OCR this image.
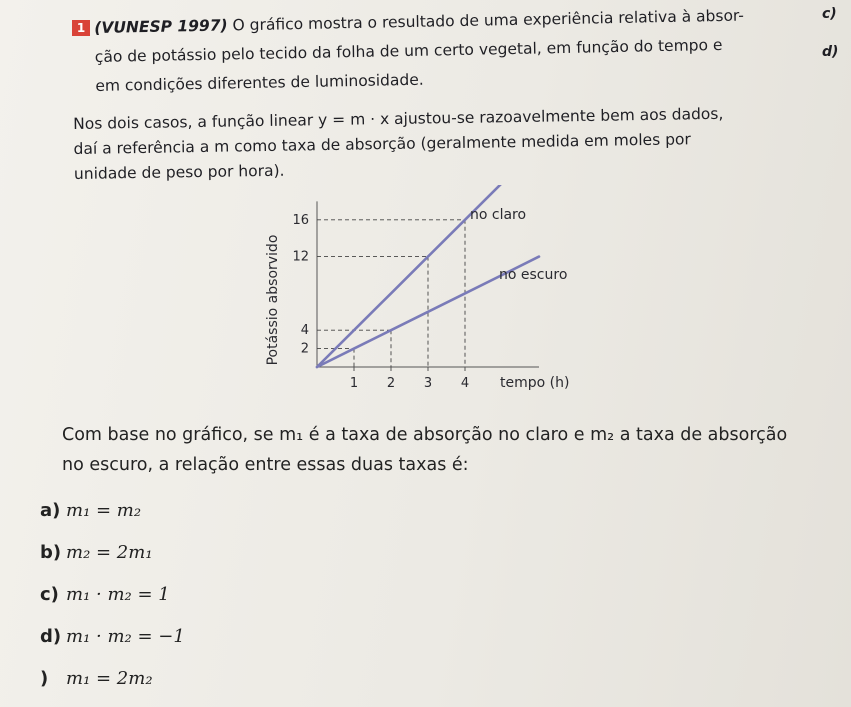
1
c)
d)
(VUNESP 1997) O gráfico mostra o resultado de uma experiência relativa à absor-
ção de potássio pelo tecido da folha de um certo vegetal, em função do tempo e
em condições diferentes de luminosidade.
Nos dois casos, a função linear y = m · x ajustou-se razoavelmente bem aos dados,
daí a referência a m como taxa de absorção (geralmente medida em moles por
unidade de peso por hora).
1 2 3 4
2
4
12
16	no claro
no escuro
tempo (h)
Potássio absorvido
Com base no gráfico, se m₁ é a taxa de absorção no claro e m₂ a taxa de absorção
no escuro, a relação entre essas duas taxas é:
a) m₁ = m₂
b) m₂ = 2m₁
c) m₁ · m₂ = 1
d) m₁ · m₂ = −1
) m₁ = 2m₂
